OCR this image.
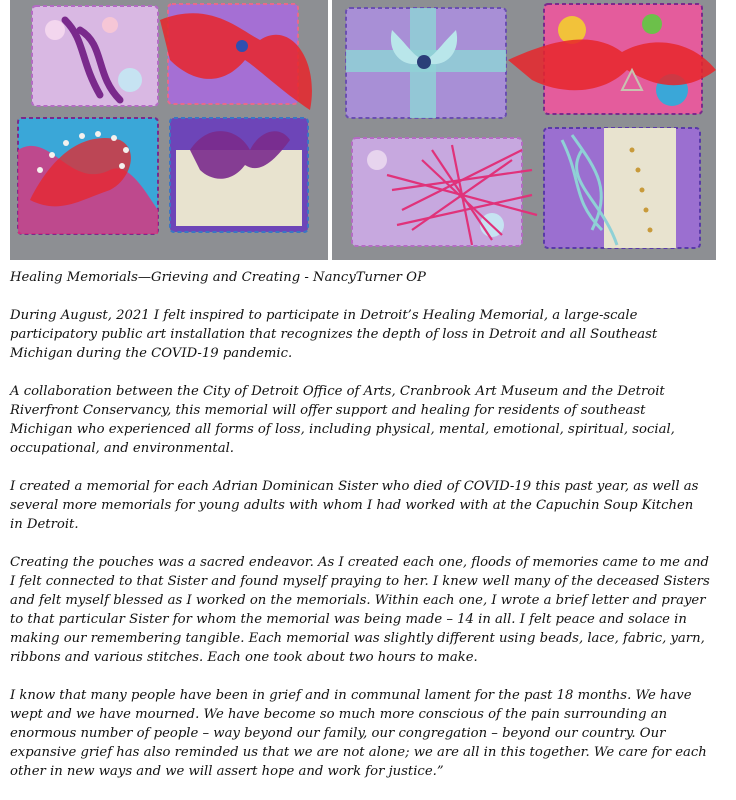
Healing Memorials—Grieving and Creating - NancyTurner OP

During August, 2021 I felt inspired to participate in Detroit’s Healing Memorial, a large-scale participatory public art installation that recognizes the depth of loss in Detroit and all Southeast Michigan during the COVID-19 pandemic.

A collaboration between the City of Detroit Office of Arts, Cranbrook Art Museum and the Detroit Riverfront Conservancy, this memorial will offer support and healing for residents of southeast Michigan who experienced all forms of loss, including physical, mental, emotional, spiritual, social, occupational, and environmental.

I created a memorial for each Adrian Dominican Sister who died of COVID-19 this past year, as well as several more memorials for young adults with whom I had worked with at the Capuchin Soup Kitchen in Detroit.

Creating the pouches was a sacred endeavor. As I created each one, floods of memories came to me and I felt connected to that Sister and found myself praying to her. I knew well many of the deceased Sisters and felt myself blessed as I worked on the memorials. Within each one, I wrote a brief letter and prayer to that particular Sister for whom the memorial was being made – 14 in all. I felt peace and solace in making our remembering tangible. Each memorial was slightly different using beads, lace, fabric, yarn, ribbons and various stitches. Each one took about two hours to make.

I know that many people have been in grief and in communal lament for the past 18 months. We have wept and we have mourned. We have become so much more conscious of the pain surrounding an enormous number of people – way beyond our family, our congregation – beyond our country. Our expansive grief has also reminded us that we are not alone; we are all in this together. We care for each other in new ways and we will assert hope and work for justice.”
